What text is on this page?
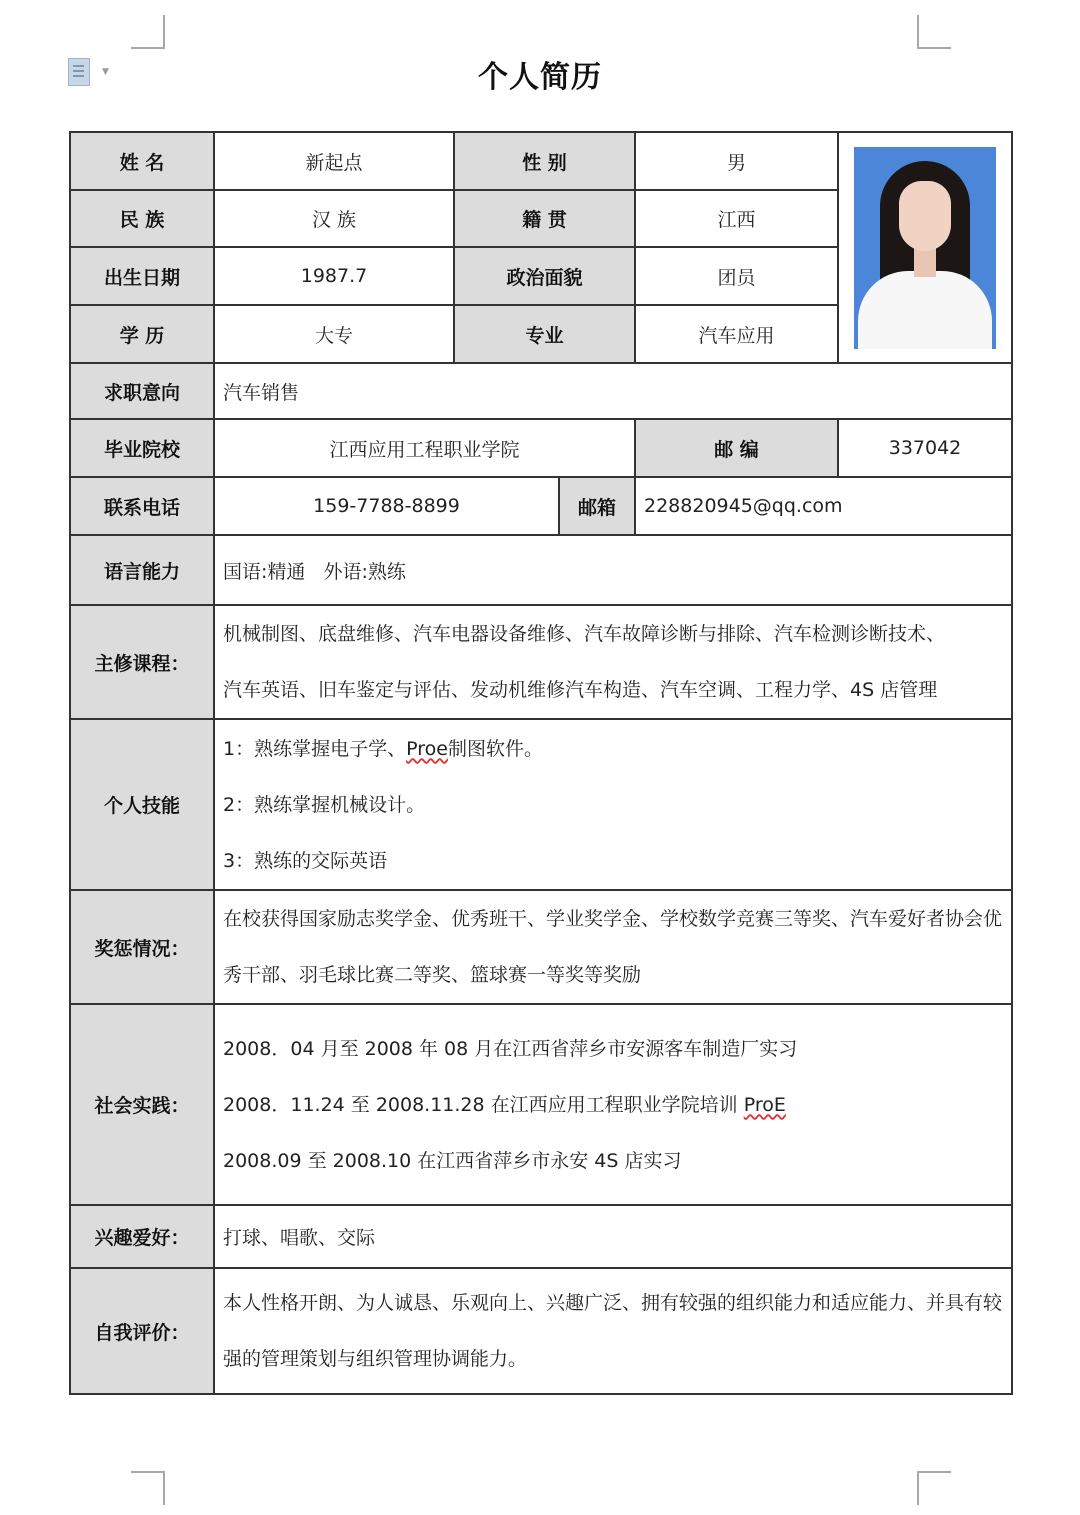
▼	个人简历
姓 名	新起点	性 别		男	

民 族	汉 族	籍 贯		江西	
出生日期	1987.7	政治面貌		团员	
学 历	大专	专业		汽车应用	
求职意向	汽车销售				
毕业院校	江西应用工程职业学院			邮 编	337042
联系电话	159-7788-8899		邮箱	228820945@qq.com	
语言能力	国语:精通   外语:熟练				
主修课程：	机械制图、底盘维修、汽车电器设备维修、汽车故障诊断与排除、汽车检测诊断技术、
汽车英语、旧车鉴定与评估、发动机维修汽车构造、汽车空调、工程力学、4S 店管理				

个人技能	1：熟练掌握电子学、Proe制图软件。
2：熟练掌握机械设计。
3：熟练的交际英语				

奖惩情况：	在校获得国家励志奖学金、优秀班干、学业奖学金、学校数学竞赛三等奖、汽车爱好者协会优
秀干部、羽毛球比赛二等奖、篮球赛一等奖等奖励				

社会实践：	2008．04 月至 2008 年 08 月在江西省萍乡市安源客车制造厂实习
2008．11.24 至 2008.11.28 在江西应用工程职业学院培训 ProE
2008.09 至 2008.10 在江西省萍乡市永安 4S 店实习				

兴趣爱好：	打球、唱歌、交际				
自我评价：	本人性格开朗、为人诚恳、乐观向上、兴趣广泛、拥有较强的组织能力和适应能力、并具有较
强的管理策划与组织管理协调能力。				
